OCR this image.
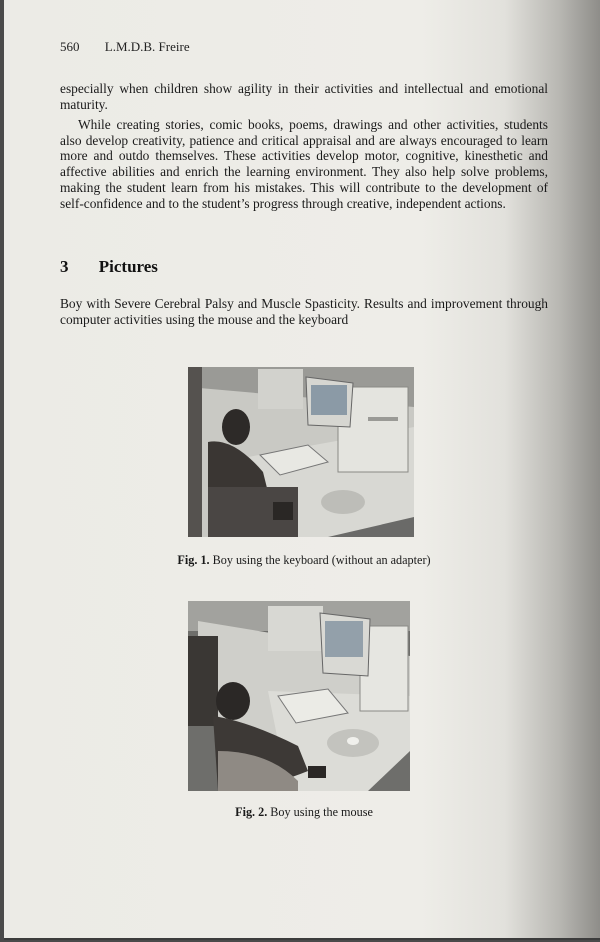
560 L.M.D.B. Freire

especially when children show agility in their activities and intellectual and emotional maturity.

While creating stories, comic books, poems, drawings and other activities, students also develop creativity, patience and critical appraisal and are always encouraged to learn more and outdo themselves. These activities develop motor, cognitive, kinesthetic and affective abilities and enrich the learning environment. They also help solve problems, making the student learn from his mistakes. This will contribute to the development of self-confidence and to the student’s progress through creative, independent actions.

3 Pictures

Boy with Severe Cerebral Palsy and Muscle Spasticity. Results and improvement through computer activities using the mouse and the keyboard

Fig. 1. Boy using the keyboard (without an adapter)
Fig. 2. Boy using the mouse
